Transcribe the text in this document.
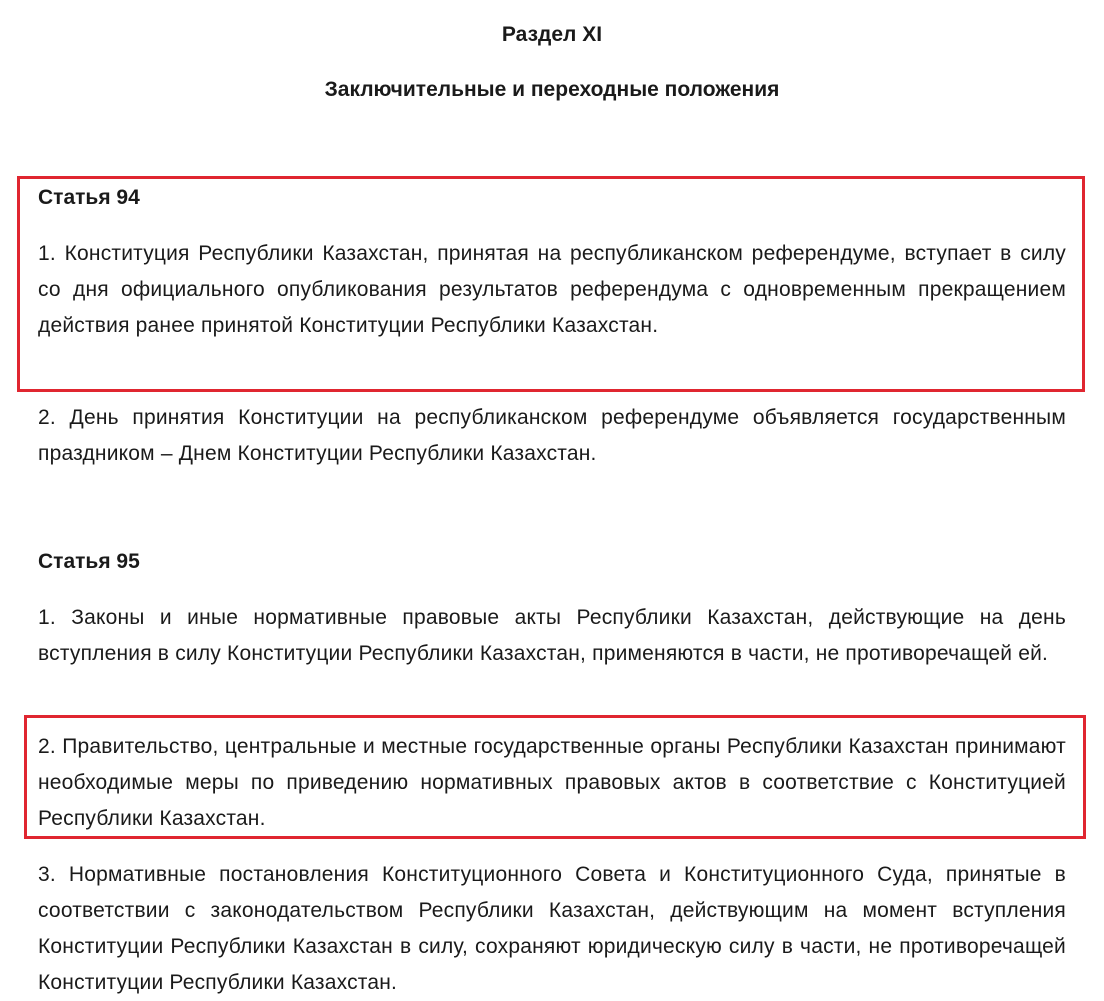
Раздел XI
Заключительные и переходные положения
Статья 94
1. Конституция Республики Казахстан, принятая на республиканском референдуме, вступает в силу со дня официального опубликования результатов референдума с одновременным прекращением действия ранее принятой Конституции Республики Казахстан.
2. День принятия Конституции на республиканском референдуме объявляется государственным праздником – Днем Конституции Республики Казахстан.
Статья 95
1. Законы и иные нормативные правовые акты Республики Казахстан, действующие на день вступления в силу Конституции Республики Казахстан, применяются в части, не противоречащей ей.
2. Правительство, центральные и местные государственные органы Республики Казахстан принимают необходимые меры по приведению нормативных правовых актов в соответствие с Конституцией Республики Казахстан.
3. Нормативные постановления Конституционного Совета и Конституционного Суда, принятые в соответствии с законодательством Республики Казахстан, действующим на момент вступления Конституции Республики Казахстан в силу, сохраняют юридическую силу в части, не противоречащей Конституции Республики Казахстан.
